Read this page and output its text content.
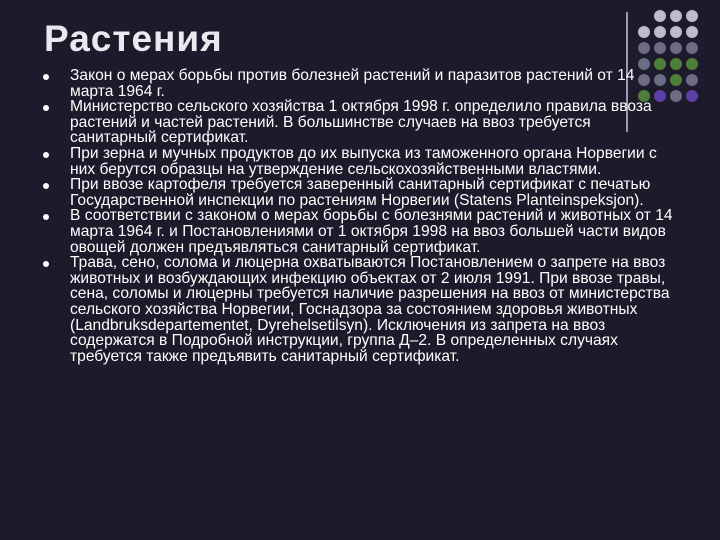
Растения
Закон о мерах борьбы против болезней растений и паразитов растений от 14 марта 1964 г.
Министерство сельского хозяйства 1 октября 1998 г. определило правила ввоза растений и частей растений. В большинстве случаев на ввоз требуется санитарный сертификат.
При зерна и мучных продуктов до их выпуска из таможенного органа Норвегии с них берутся образцы на утверждение сельскохозяйственными властями.
При ввозе картофеля требуется заверенный санитарный сертификат с печатью Государственной инспекции по растениям Норвегии (Statens Planteinspeksjon).
В соответствии с законом о мерах борьбы с болезнями растений и животных от 14 марта 1964 г. и Постановлениями от 1 октября 1998 на ввоз большей части видов овощей должен предъявляться санитарный сертификат.
Трава, сено, солома и люцерна охватываются Постановлением о запрете на ввоз животных и возбуждающих инфекцию объектах от 2 июля 1991. При ввозе травы, сена, соломы и люцерны требуется наличие разрешения на ввоз от министерства сельского хозяйства Норвегии, Госнадзора за состоянием здоровья животных (Landbruksdepartementet, Dyrehelsetilsyn). Исключения из запрета на ввоз содержатся в Подробной инструкции, группа Д–2. В определенных случаях требуется также предъявить санитарный сертификат.
